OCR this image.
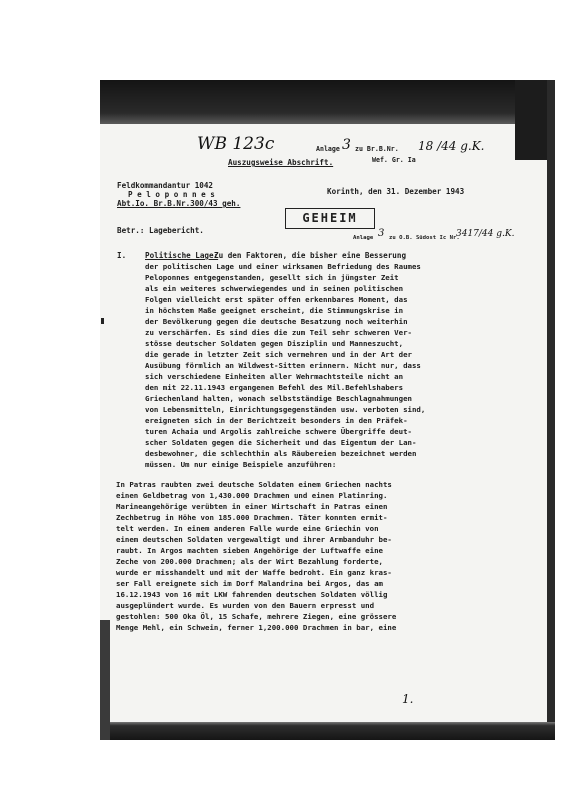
WB 123c	Anlage 3 zu Br.B.Nr. 18 /44 g.K.
Wef. Gr. Ia
Auszugsweise Abschrift.
Feldkommandantur 1042
P e l o p o n n e s
Abt.Io. Br.B.Nr.300/43 geh.
Korinth, den 31. Dezember 1943
GEHEIM
Anlage 3 zu O.B. Südost Ic Nr.
3417/44 g.K.
Betr.: Lagebericht.
I. Politische Lage:
Zu den Faktoren, die bisher eine Besserung
der politischen Lage und einer wirksamen Befriedung des Raumes
Peloponnes entgegenstanden, gesellt sich in jüngster Zeit
als ein weiteres schwerwiegendes und in seinen politischen
Folgen vielleicht erst später offen erkennbares Moment, das
in höchstem Maße geeignet erscheint, die Stimmungskrise in
der Bevölkerung gegen die deutsche Besatzung noch weiterhin
zu verschärfen. Es sind dies die zum Teil sehr schweren Ver-
stösse deutscher Soldaten gegen Disziplin und Manneszucht,
die gerade in letzter Zeit sich vermehren und in der Art der
Ausübung förmlich an Wildwest-Sitten erinnern. Nicht nur, dass
sich verschiedene Einheiten aller Wehrmachtsteile nicht an
den mit 22.11.1943 ergangenen Befehl des Mil.Befehlshabers
Griechenland halten, wonach selbstständige Beschlagnahmungen
von Lebensmitteln, Einrichtungsgegenständen usw. verboten sind,
ereigneten sich in der Berichtzeit besonders in den Präfek-
turen Achaia und Argolis zahlreiche schwere Übergriffe deut-
scher Soldaten gegen die Sicherheit und das Eigentum der Lan-
desbewohner, die schlechthin als Räubereien bezeichnet werden
müssen. Um nur einige Beispiele anzuführen:
In Patras raubten zwei deutsche Soldaten einem Griechen nachts
einen Geldbetrag von 1,430.000 Drachmen und einen Platinring.
Marineangehörige verübten in einer Wirtschaft in Patras einen
Zechbetrug in Höhe von 185.000 Drachmen. Täter konnten ermit-
telt werden. In einem anderen Falle wurde eine Griechin von
einem deutschen Soldaten vergewaltigt und ihrer Armbanduhr be-
raubt. In Argos machten sieben Angehörige der Luftwaffe eine
Zeche von 200.000 Drachmen; als der Wirt Bezahlung forderte,
wurde er misshandelt und mit der Waffe bedroht. Ein ganz kras-
ser Fall ereignete sich im Dorf Malandrina bei Argos, das am
16.12.1943 von 16 mit LKW fahrenden deutschen Soldaten völlig
ausgeplündert wurde. Es wurden von den Bauern erpresst und
gestohlen: 500 Oka Öl, 15 Schafe, mehrere Ziegen, eine grössere
Menge Mehl, ein Schwein, ferner 1,200.000 Drachmen in bar, eine
1.
